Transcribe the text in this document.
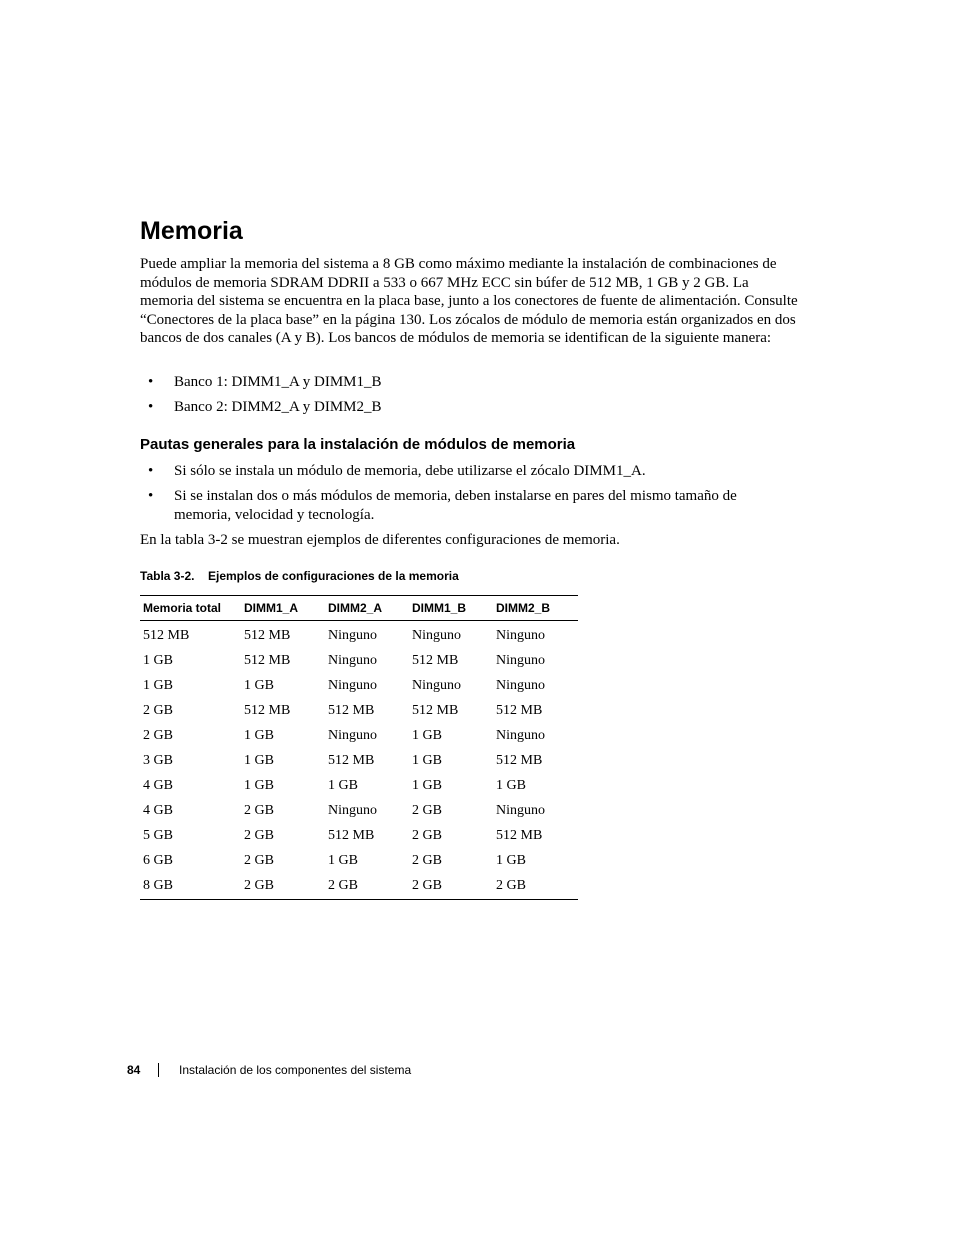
Memoria

Puede ampliar la memoria del sistema a 8 GB como máximo mediante la instalación de combinaciones de módulos de memoria SDRAM DDRII a 533 o 667 MHz ECC sin búfer de 512 MB, 1 GB y 2 GB. La memoria del sistema se encuentra en la placa base, junto a los conectores de fuente de alimentación. Consulte “Conectores de la placa base” en la página 130. Los zócalos de módulo de memoria están organizados en dos bancos de dos canales (A y B). Los bancos de módulos de memoria se identifican de la siguiente manera:

• Banco 1: DIMM1_A y DIMM1_B
• Banco 2: DIMM2_A y DIMM2_B
Pautas generales para la instalación de módulos de memoria
• Si sólo se instala un módulo de memoria, debe utilizarse el zócalo DIMM1_A.
• Si se instalan dos o más módulos de memoria, deben instalarse en pares del mismo tamaño de memoria, velocidad y tecnología.

En la tabla 3-2 se muestran ejemplos de diferentes configuraciones de memoria.

Tabla 3-2. Ejemplos de configuraciones de la memoria

Memoria total	DIMM1_A	DIMM2_A	DIMM1_B	DIMM2_B
512 MB	512 MB	Ninguno	Ninguno	Ninguno
1 GB	512 MB	Ninguno	512 MB	Ninguno
1 GB	1 GB	Ninguno	Ninguno	Ninguno
2 GB	512 MB	512 MB	512 MB	512 MB
2 GB	1 GB	Ninguno	1 GB	Ninguno
3 GB	1 GB	512 MB	1 GB	512 MB
4 GB	1 GB	1 GB	1 GB	1 GB
4 GB	2 GB	Ninguno	2 GB	Ninguno
5 GB	2 GB	512 MB	2 GB	512 MB
6 GB	2 GB	1 GB	2 GB	1 GB
8 GB	2 GB	2 GB	2 GB	2 GB
84	Instalación de los componentes del sistema
